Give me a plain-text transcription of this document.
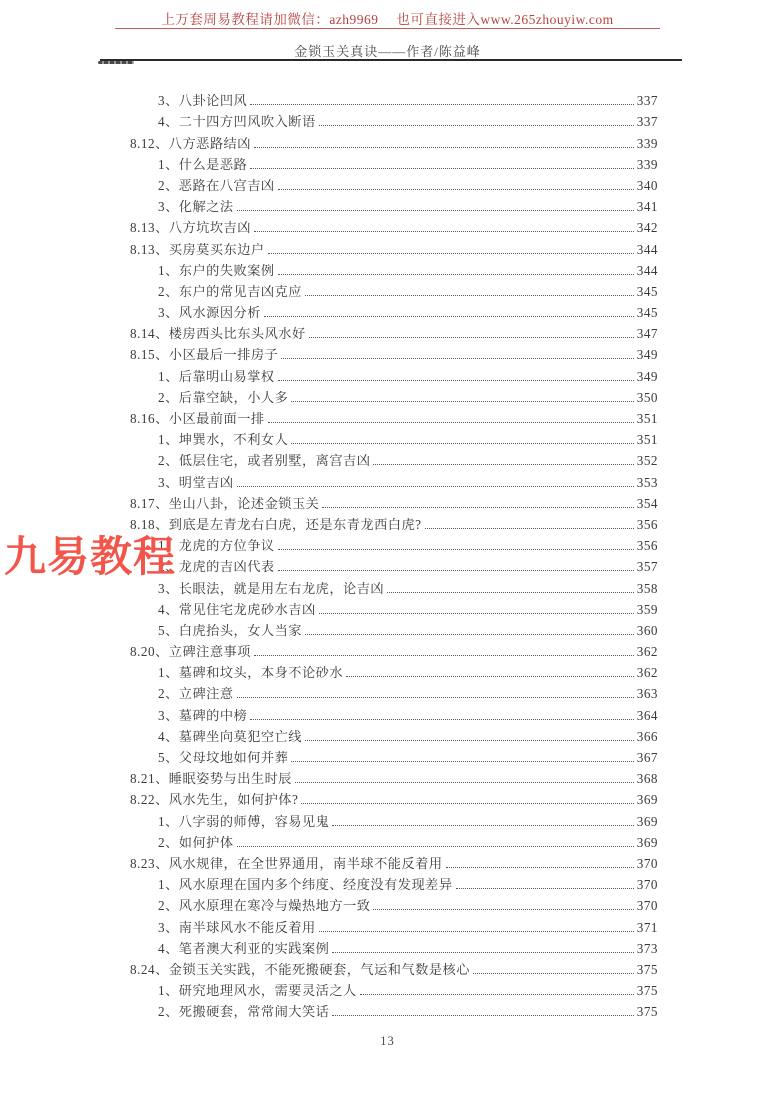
上万套周易教程请加微信：azh9969　 也可直接进入www.265zhouyiw.com
金锁玉关真诀——作者/陈益峰
3、八卦论凹风	337
4、二十四方凹风吹入断语	337
8.12、八方恶路结凶	339
1、什么是恶路	339
2、恶路在八宫吉凶	340
3、化解之法	341
8.13、八方坑坎吉凶	342
8.13、买房莫买东边户	344
1、东户的失败案例	344
2、东户的常见吉凶克应	345
3、风水源因分析	345
8.14、楼房西头比东头风水好	347
8.15、小区最后一排房子	349
1、后靠明山易掌权	349
2、后靠空缺，小人多	350
8.16、小区最前面一排	351
1、坤巽水，不利女人	351
2、低层住宅，或者别墅，离宫吉凶	352
3、明堂吉凶	353
8.17、坐山八卦，论述金锁玉关	354
8.18、到底是左青龙右白虎，还是东青龙西白虎?	356
1、龙虎的方位争议	356
2、龙虎的吉凶代表	357
3、长眼法，就是用左右龙虎，论吉凶	358
4、常见住宅龙虎砂水吉凶	359
5、白虎抬头，女人当家	360
8.20、立碑注意事项	362
1、墓碑和坟头，本身不论砂水	362
2、立碑注意	363
3、墓碑的中榜	364
4、墓碑坐向莫犯空亡线	366
5、父母坟地如何并葬	367
8.21、睡眠姿势与出生时辰	368
8.22、风水先生，如何护体?	369
1、八字弱的师傅，容易见鬼	369
2、如何护体	369
8.23、风水规律，在全世界通用，南半球不能反着用	370
1、风水原理在国内多个纬度、经度没有发现差异	370
2、风水原理在寒冷与燥热地方一致	370
3、南半球风水不能反着用	371
4、笔者澳大利亚的实践案例	373
8.24、金锁玉关实践，不能死搬硬套，气运和气数是核心	375
1、研究地理风水，需要灵活之人	375
2、死搬硬套，常常闹大笑话	375
九易教程
13
